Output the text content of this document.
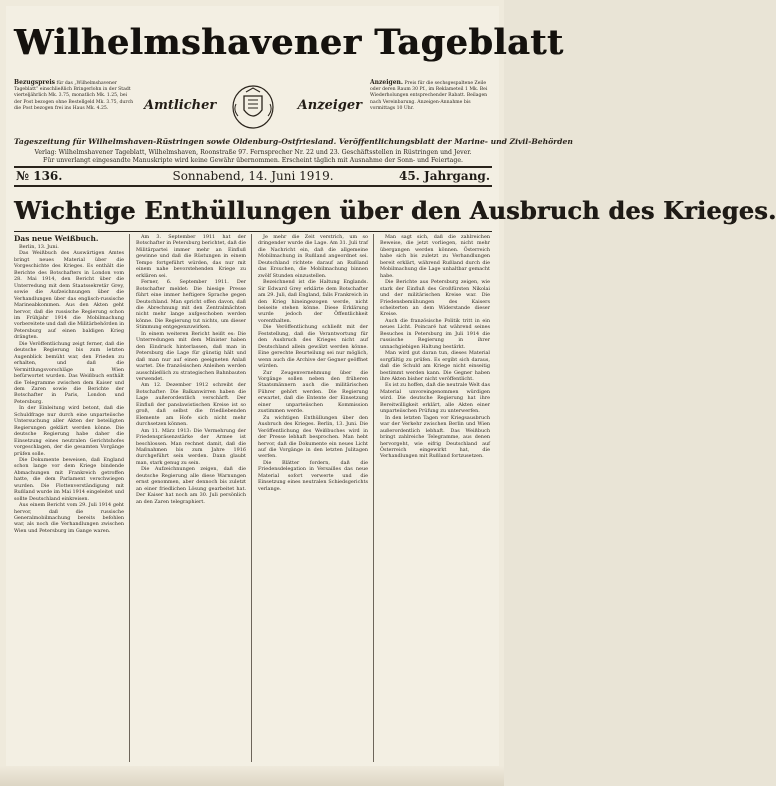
Wilhelmshavener Tageblatt
Bezugspreis für das „Wilhelmshavener Tageblatt“ einschließlich Bringerlohn in der Stadt vierteljährlich Mk. 3.75, monatlich Mk. 1.25, bei der Post bezogen ohne Bestellgeld Mk. 3.75, durch die Post bezogen frei ins Haus Mk. 4.25.	Amtlicher	Anzeiger
Anzeigen. Preis für die sechsgespaltene Zeile oder deren Raum 30 Pf., im Reklameteil 1 Mk. Bei Wiederholungen entsprechender Rabatt. Beilagen nach Vereinbarung. Anzeigen-Annahme bis vormittags 10 Uhr.
Tageszeitung für Wilhelmshaven-Rüstringen sowie Oldenburg-Ostfriesland. Veröffentlichungsblatt der Marine- und Zivil-Behörden
Verlag: Wilhelmshavener Tageblatt, Wilhelmshaven, Roonstraße 97. Fernsprecher Nr. 22 und 23. Geschäftsstellen in Rüstringen und Jever.
Für unverlangt eingesandte Manuskripte wird keine Gewähr übernommen. Erscheint täglich mit Ausnahme der Sonn- und Feiertage.
№ 136.	Sonnabend, 14. Juni 1919.	45. Jahrgang.
Wichtige Enthüllungen über den Ausbruch des Krieges.

Das neue Weißbuch.

Berlin, 13. Juni.

Das Weißbuch des Auswärtigen Amtes bringt neues Material über die Vorgeschichte des Krieges. Es enthält die Berichte des Botschafters in London vom 28. Mai 1914, den Bericht über die Unterredung mit dem Staatssekretär Grey, sowie die Aufzeichnungen über die Verhandlungen über das englisch-russische Marineabkommen. Aus den Akten geht hervor, daß die russische Regierung schon im Frühjahr 1914 die Mobilmachung vorbereitete und daß die Militärbehörden in Petersburg auf einen baldigen Krieg drängten.

Die Veröffentlichung zeigt ferner, daß die deutsche Regierung bis zum letzten Augenblick bemüht war, den Frieden zu erhalten, und daß die Vermittlungsvorschläge in Wien befürwortet wurden. Das Weißbuch enthält die Telegramme zwischen dem Kaiser und dem Zaren sowie die Berichte der Botschafter in Paris, London und Petersburg.

In der Einleitung wird betont, daß die Schuldfrage nur durch eine unparteiische Untersuchung aller Akten der beteiligten Regierungen geklärt werden könne. Die deutsche Regierung habe daher die Einsetzung eines neutralen Gerichtshofes vorgeschlagen, der die gesamten Vorgänge prüfen solle.

Die Dokumente beweisen, daß England schon lange vor dem Kriege bindende Abmachungen mit Frankreich getroffen hatte, die dem Parlament verschwiegen wurden. Die Flottenverständigung mit Rußland wurde im Mai 1914 eingeleitet und sollte Deutschland einkreisen.

Aus einem Bericht vom 29. Juli 1914 geht hervor, daß die russische Generalmobilmachung bereits befohlen war, als noch die Verhandlungen zwischen Wien und Petersburg im Gange waren.

Am 3. September 1911 hat der Botschafter in Petersburg berichtet, daß die Militärpartei immer mehr an Einfluß gewinne und daß die Rüstungen in einem Tempo fortgeführt würden, das nur mit einem nahe bevorstehenden Kriege zu erklären sei.

Ferner, 6. September 1911. Der Botschafter meldet: Die hiesige Presse führt eine immer heftigere Sprache gegen Deutschland. Man spricht offen davon, daß die Abrechnung mit den Zentralmächten nicht mehr lange aufgeschoben werden könne. Die Regierung tut nichts, um dieser Stimmung entgegenzuwirken.

In einem weiteren Bericht heißt es: Die Unterredungen mit dem Minister haben den Eindruck hinterlassen, daß man in Petersburg die Lage für günstig hält und daß man nur auf einen geeigneten Anlaß wartet. Die französischen Anleihen werden ausschließlich zu strategischen Bahnbauten verwendet.

Am 12. Dezember 1912 schreibt der Botschafter: Die Balkanwirren haben die Lage außerordentlich verschärft. Der Einfluß der panslawistischen Kreise ist so groß, daß selbst die friedliebenden Elemente am Hofe sich nicht mehr durchsetzen können.

Am 11. März 1913: Die Vermehrung der Friedenspräsenzstärke der Armee ist beschlossen. Man rechnet damit, daß die Maßnahmen bis zum Jahre 1916 durchgeführt sein werden. Dann glaubt man, stark genug zu sein.

Die Aufzeichnungen zeigen, daß die deutsche Regierung alle diese Warnungen ernst genommen, aber dennoch bis zuletzt an einer friedlichen Lösung gearbeitet hat. Der Kaiser hat noch am 30. Juli persönlich an den Zaren telegraphiert.

Je mehr die Zeit verstrich, um so dringender wurde die Lage. Am 31. Juli traf die Nachricht ein, daß die allgemeine Mobilmachung in Rußland angeordnet sei. Deutschland richtete darauf an Rußland das Ersuchen, die Mobilmachung binnen zwölf Stunden einzustellen.

Bezeichnend ist die Haltung Englands. Sir Edward Grey erklärte dem Botschafter am 29. Juli, daß England, falls Frankreich in den Krieg hineingezogen werde, nicht beiseite stehen könne. Diese Erklärung wurde jedoch der Öffentlichkeit vorenthalten.

Die Veröffentlichung schließt mit der Feststellung, daß die Verantwortung für den Ausbruch des Krieges nicht auf Deutschland allein gewälzt werden könne. Eine gerechte Beurteilung sei nur möglich, wenn auch die Archive der Gegner geöffnet würden.

Zur Zeugenvernehmung über die Vorgänge sollen neben den früheren Staatsmännern auch die militärischen Führer gehört werden. Die Regierung erwartet, daß die Entente der Einsetzung einer unparteiischen Kommission zustimmen werde.

Zu wichtigen Enthüllungen über den Ausbruch des Krieges. Berlin, 13. Juni. Die Veröffentlichung des Weißbuches wird in der Presse lebhaft besprochen. Man hebt hervor, daß die Dokumente ein neues Licht auf die Vorgänge in den letzten Julitagen werfen.

Die Blätter fordern, daß die Friedensdelegation in Versailles das neue Material sofort verwerte und die Einsetzung eines neutralen Schiedsgerichts verlange.

Man sagt sich, daß die zahlreichen Beweise, die jetzt vorliegen, nicht mehr übergangen werden können. Österreich habe sich bis zuletzt zu Verhandlungen bereit erklärt, während Rußland durch die Mobilmachung die Lage unhaltbar gemacht habe.

Die Berichte aus Petersburg zeigen, wie stark der Einfluß des Großfürsten Nikolai und der militärischen Kreise war. Die Friedensbemühungen des Kaisers scheiterten an dem Widerstande dieser Kreise.

Auch die französische Politik tritt in ein neues Licht. Poincaré hat während seines Besuches in Petersburg im Juli 1914 die russische Regierung in ihrer unnachgiebigen Haltung bestärkt.

Man wird gut daran tun, dieses Material sorgfältig zu prüfen. Es ergibt sich daraus, daß die Schuld am Kriege nicht einseitig bestimmt werden kann. Die Gegner haben ihre Akten bisher nicht veröffentlicht.

Es ist zu hoffen, daß die neutrale Welt das Material unvoreingenommen würdigen wird. Die deutsche Regierung hat ihre Bereitwilligkeit erklärt, alle Akten einer unparteiischen Prüfung zu unterwerfen.

In den letzten Tagen vor Kriegsausbruch war der Verkehr zwischen Berlin und Wien außerordentlich lebhaft. Das Weißbuch bringt zahlreiche Telegramme, aus denen hervorgeht, wie eifrig Deutschland auf Österreich eingewirkt hat, die Verhandlungen mit Rußland fortzusetzen.
